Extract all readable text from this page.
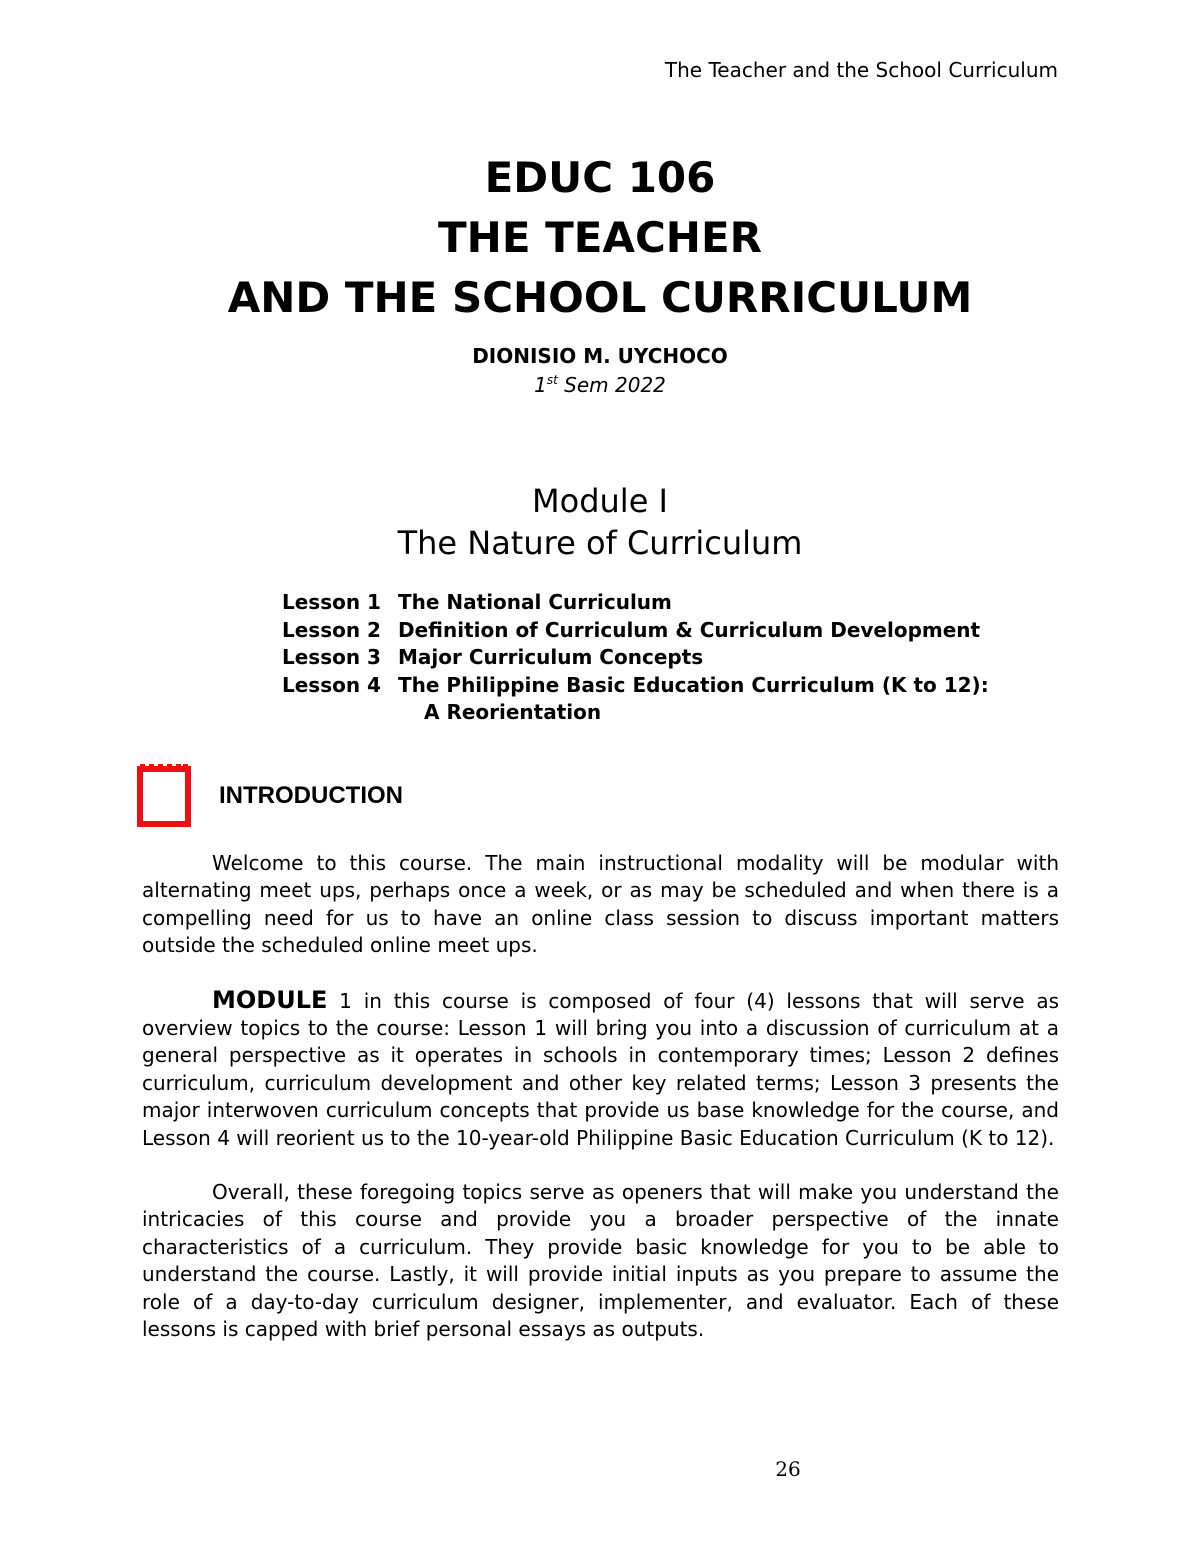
The Teacher and the School Curriculum
EDUC 106
THE TEACHER
AND THE SCHOOL CURRICULUM
DIONISIO M. UYCHOCO
1st Sem 2022
Module I
The Nature of Curriculum
Lesson 1 The National Curriculum
Lesson 2 Definition of Curriculum & Curriculum Development
Lesson 3 Major Curriculum Concepts
Lesson 4 The Philippine Basic Education Curriculum (K to 12):
A Reorientation
INTRODUCTION

Welcome to this course. The main instructional modality will be modular with alternating meet ups, perhaps once a week, or as may be scheduled and when there is a compelling need for us to have an online class session to discuss important matters outside the scheduled online meet ups.

MODULE 1 in this course is composed of four (4) lessons that will serve as overview topics to the course: Lesson 1 will bring you into a discussion of curriculum at a general perspective as it operates in schools in contemporary times; Lesson 2 defines curriculum, curriculum development and other key related terms; Lesson 3 presents the major interwoven curriculum concepts that provide us base knowledge for the course, and Lesson 4 will reorient us to the 10-year-old Philippine Basic Education Curriculum (K to 12).

Overall, these foregoing topics serve as openers that will make you understand the intricacies of this course and provide you a broader perspective of the innate characteristics of a curriculum. They provide basic knowledge for you to be able to understand the course. Lastly, it will provide initial inputs as you prepare to assume the role of a day-to-day curriculum designer, implementer, and evaluator. Each of these lessons is capped with brief personal essays as outputs.

26
